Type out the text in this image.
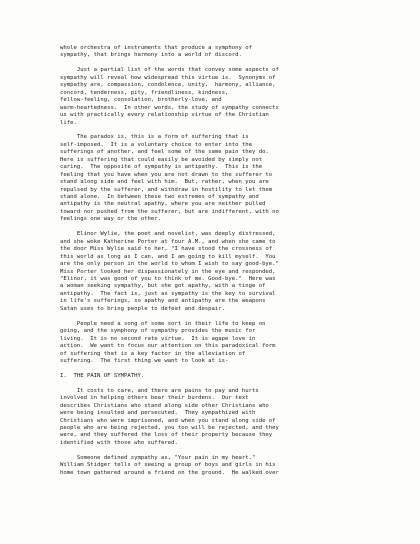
whole orchestra of instruments that produce a symphony of
sympathy, that brings harmony into a world of discord.
Just a partial list of the words that convey some aspects of
sympathy will reveal how widespread this virtue is.  Synonyms of
sympathy are, compassion, condolence, unity,  harmony, alliance,
concord, tenderness, pity, friendliness, kindness,
fellow-feeling, consolation, brotherly-love, and
warm-heartedness.  In other words, the study of sympathy connects
us with practically every relationship virtue of the Christian
life.
The paradox is, this is a form of suffering that is
self-imposed.  It is a voluntary choice to enter into the
sufferings of another, and feel some of the same pain they do.
Here is suffering that could easily be avoided by simply not
caring.  The opposite of sympathy is antipathy.  This is the
feeling that you have when you are not drawn to the sufferer to
stand along side and feel with him.  But, rather, when you are
repulsed by the sufferer, and withdraw in hostility to let them
stand alone.  In between these two extremes of sympathy and
antipathy is the neutral apathy, where you are neither pulled
toward nor pushed from the sufferer, but are indifferent, with no
feelings one way or the other.
Elinor Wylie, the poet and novelist, was deeply distressed,
and she woke Katherine Porter at four A.M., and when she came to
the door Miss Wylie said to her, "I have stood the crossness of
this world as long as I can, and I am going to kill myself.  You
are the only person in the world to whom I wish to say good-bye."
Miss Porter looked her dispassionately in the eye and responded,
"Elinor, it was good of you to think of me. Good-bye."  Here was
a woman seeking sympathy, but she got apathy, with a tinge of
antipathy.  The fact is, just as sympathy is the key to survival
in life's sufferings, so apathy and antipathy are the weapons
Satan uses to bring people to defeat and despair.
People need a song of some sort in their life to keep on
going, and the symphony of sympathy provides the music for
living.  It is no second rate virtue.  It is agape love in
action.  We want to focus our attention on this paradoxical form
of suffering that is a key factor in the alleviation of
suffering.  The first thing we want to look at is-
I.  THE PAIN OF SYMPATHY.
It costs to care, and there are pains to pay and hurts
involved in helping others bear their burdens.  Our text
describes Christians who stand along side other Christians who
were being insulted and persecuted.  They sympathized with
Christians who were imprisoned, and when you stand along side of
people who are being rejected, you too will be rejected, and they
were, and they suffered the loss of their property because they
identified with those who suffered.
Someone defined sympathy as, "Your pain in my heart."
William Stidger tells of seeing a group of boys and girls in his
home town gathered around a friend on the ground.  He walked over
